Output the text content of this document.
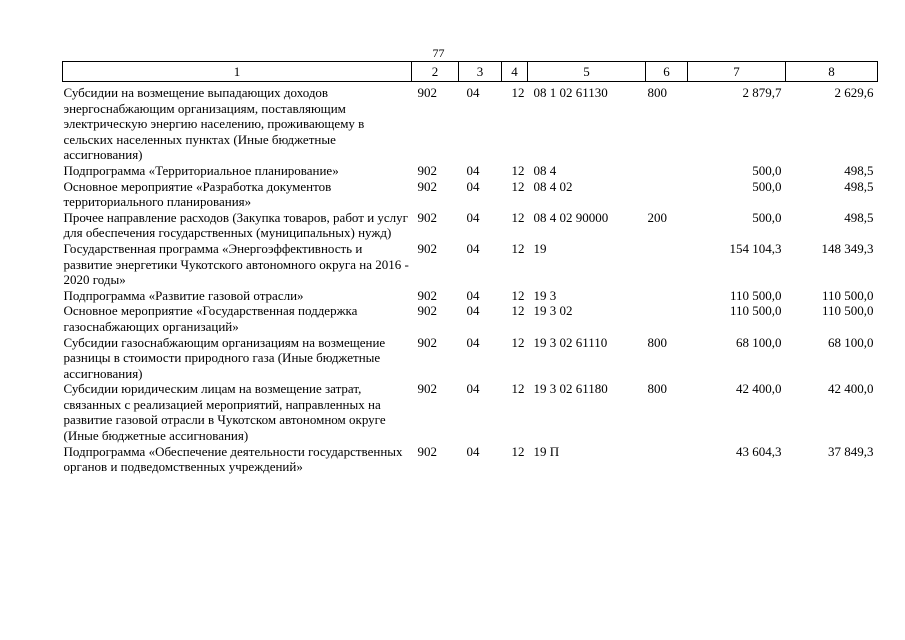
77
1	2	3	4	5	6	7	8
Субсидии на возмещение выпадающих доходов энергоснабжающим организациям, поставляющим электрическую энергию населению, проживающему в сельских населенных пунктах (Иные бюджетные ассигнования)	902	04	12	08 1 02 61130	800	2 879,7	2 629,6
Подпрограмма «Территориальное планирование»	902	04	12	08 4		500,0	498,5
Основное мероприятие «Разработка документов территориального планирования»	902	04	12	08 4 02		500,0	498,5
Прочее направление расходов (Закупка товаров, работ и услуг для обеспечения государственных (муниципальных) нужд)	902	04	12	08 4 02 90000	200	500,0	498,5
Государственная программа «Энергоэффективность и развитие энергетики Чукотского автономного округа на 2016 - 2020 годы»	902	04	12	19		154 104,3	148 349,3
Подпрограмма «Развитие газовой отрасли»	902	04	12	19 3		110 500,0	110 500,0
Основное мероприятие «Государственная поддержка газоснабжающих организаций»	902	04	12	19 3 02		110 500,0	110 500,0
Субсидии газоснабжающим организациям на возмещение разницы в стоимости природного газа (Иные бюджетные ассигнования)	902	04	12	19 3 02 61110	800	68 100,0	68 100,0
Субсидии юридическим лицам на возмещение затрат, связанных с реализацией мероприятий, направленных на развитие газовой отрасли в Чукотском автономном округе (Иные бюджетные ассигнования)	902	04	12	19 3 02 61180	800	42 400,0	42 400,0
Подпрограмма «Обеспечение деятельности государственных органов и подведомственных учреждений»	902	04	12	19 П		43 604,3	37 849,3
